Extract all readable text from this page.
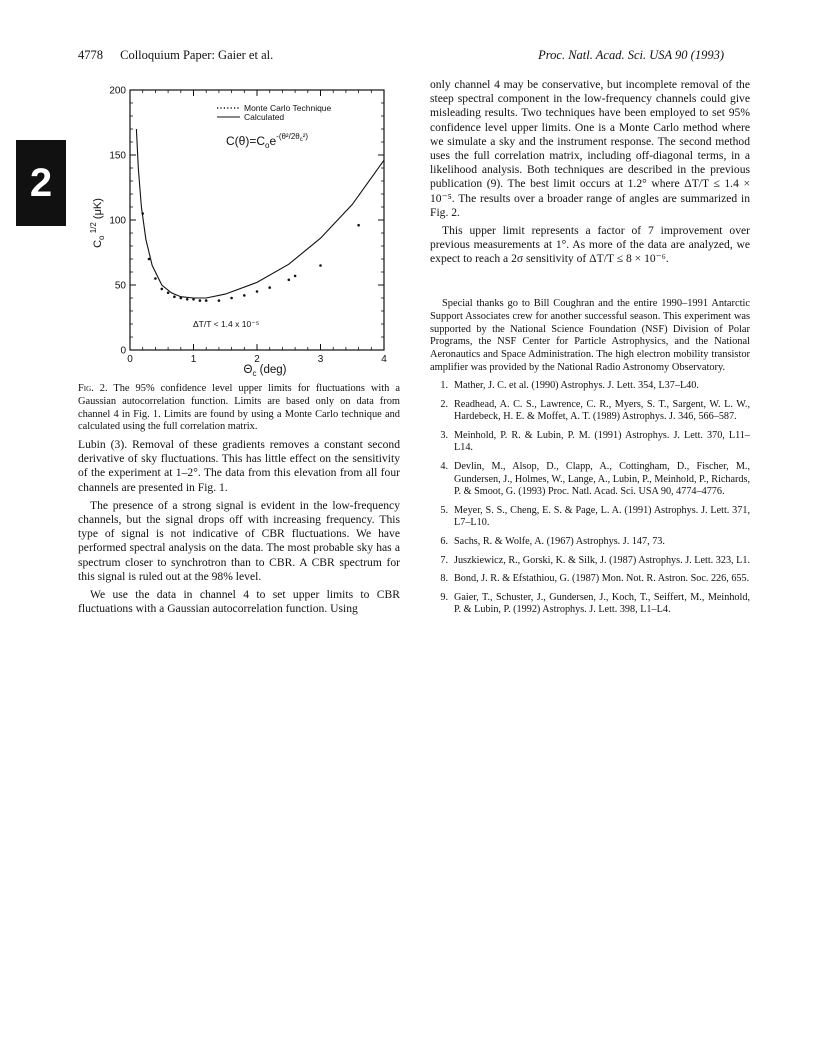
4778 Colloquium Paper: Gaier et al.	Proc. Natl. Acad. Sci. USA 90 (1993)
2
0	1	2	3	4
0
50
100
150
200
Monte Carlo Technique
Calculated
$C(\theta)=C_oe^{-(\theta^2/2\theta}c^2$)
ΔT/T < 1.4 x 10⁻⁵
$\Theta_c$ (deg)
$C_o$ $^{1/2}$ (μK)
Fig. 2. The 95% confidence level upper limits for fluctuations with a Gaussian autocorrelation function. Limits are based only on data from channel 4 in Fig. 1. Limits are found by using a Monte Carlo technique and calculated using the full correlation matrix.

Lubin (3). Removal of these gradients removes a constant second derivative of sky fluctuations. This has little effect on the sensitivity of the experiment at 1–2°. The data from this elevation from all four channels are presented in Fig. 1.

The presence of a strong signal is evident in the low-frequency channels, but the signal drops off with increasing frequency. This type of signal is not indicative of CBR fluctuations. We have performed spectral analysis on the data. The most probable sky has a spectrum closer to synchrotron than to CBR. A CBR spectrum for this signal is ruled out at the 98% level.

We use the data in channel 4 to set upper limits to CBR fluctuations with a Gaussian autocorrelation function. Using

only channel 4 may be conservative, but incomplete removal of the steep spectral component in the low-frequency channels could give misleading results. Two techniques have been employed to set 95% confidence level upper limits. One is a Monte Carlo method where we simulate a sky and the instrument response. The second method uses the full correlation matrix, including off-diagonal terms, in a likelihood analysis. Both techniques are described in the previous publication (9). The best limit occurs at 1.2° where ΔT/T ≤ 1.4 × 10⁻⁵. The results over a broader range of angles are summarized in Fig. 2.

This upper limit represents a factor of 7 improvement over previous measurements at 1°. As more of the data are analyzed, we expect to reach a 2σ sensitivity of ΔT/T ≤ 8 × 10⁻⁶.

Special thanks go to Bill Coughran and the entire 1990–1991 Antarctic Support Associates crew for another successful season. This experiment was supported by the National Science Foundation (NSF) Division of Polar Programs, the NSF Center for Particle Astrophysics, and the National Aeronautics and Space Administration. The high electron mobility transistor amplifier was provided by the National Radio Astronomy Observatory.
1. Mather, J. C. et al. (1990) Astrophys. J. Lett. 354, L37–L40.
2. Readhead, A. C. S., Lawrence, C. R., Myers, S. T., Sargent, W. L. W., Hardebeck, H. E. & Moffet, A. T. (1989) Astrophys. J. 346, 566–587.
3. Meinhold, P. R. & Lubin, P. M. (1991) Astrophys. J. Lett. 370, L11–L14.
4. Devlin, M., Alsop, D., Clapp, A., Cottingham, D., Fischer, M., Gundersen, J., Holmes, W., Lange, A., Lubin, P., Meinhold, P., Richards, P. & Smoot, G. (1993) Proc. Natl. Acad. Sci. USA 90, 4774–4776.
5. Meyer, S. S., Cheng, E. S. & Page, L. A. (1991) Astrophys. J. Lett. 371, L7–L10.
6. Sachs, R. & Wolfe, A. (1967) Astrophys. J. 147, 73.
7. Juszkiewicz, R., Gorski, K. & Silk, J. (1987) Astrophys. J. Lett. 323, L1.
8. Bond, J. R. & Efstathiou, G. (1987) Mon. Not. R. Astron. Soc. 226, 655.
9. Gaier, T., Schuster, J., Gundersen, J., Koch, T., Seiffert, M., Meinhold, P. & Lubin, P. (1992) Astrophys. J. Lett. 398, L1–L4.
